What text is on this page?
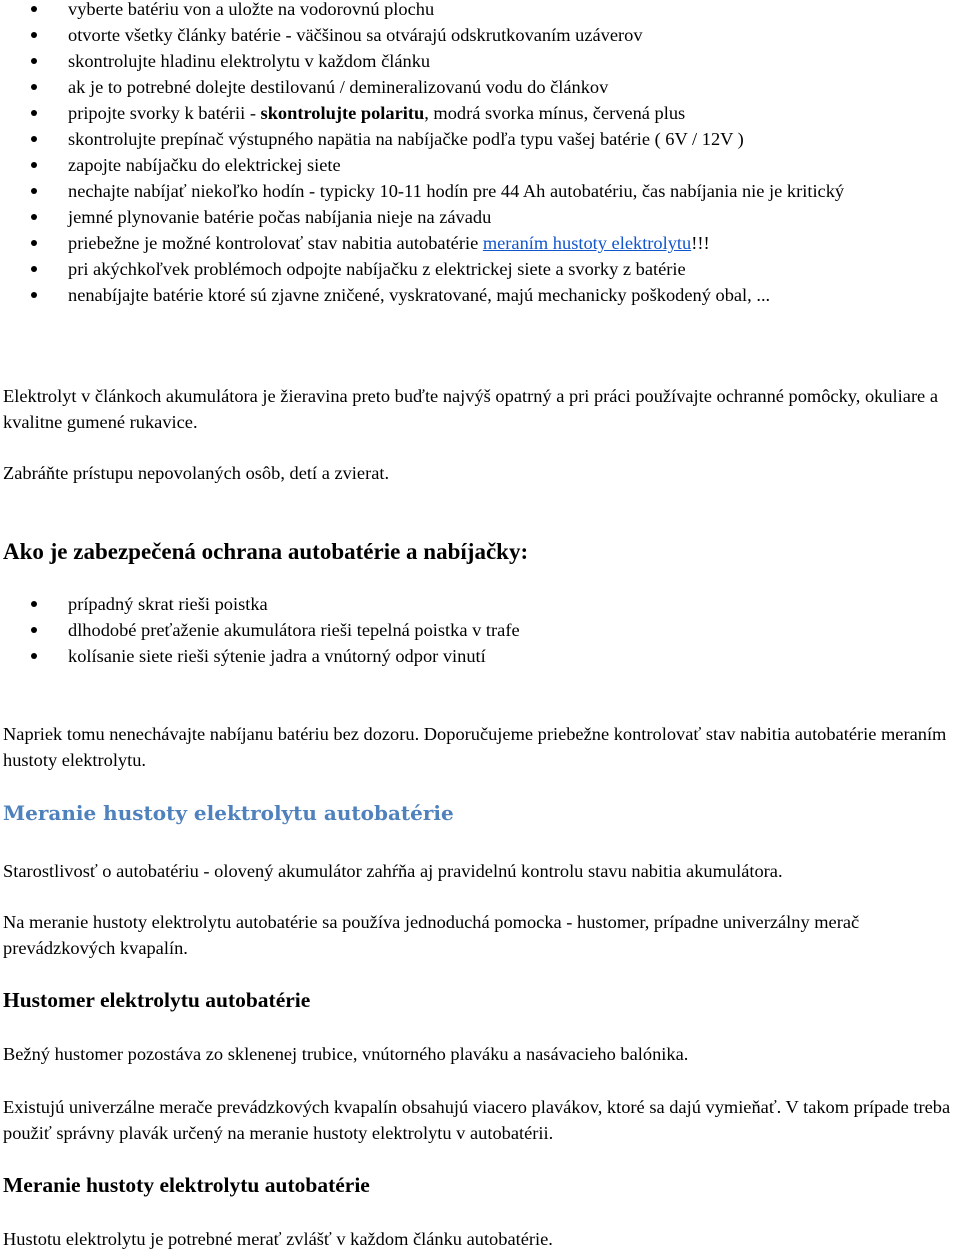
vyberte batériu von a uložte na vodorovnú plochu
otvorte všetky články batérie - väčšinou sa otvárajú odskrutkovaním uzáverov
skontrolujte hladinu elektrolytu v každom článku
ak je to potrebné dolejte destilovanú / demineralizovanú vodu do článkov
pripojte svorky k batérii - skontrolujte polaritu, modrá svorka mínus, červená plus
skontrolujte prepínač výstupného napätia na nabíjačke podľa typu vašej batérie ( 6V / 12V )
zapojte nabíjačku do elektrickej siete
nechajte nabíjať niekoľko hodín - typicky 10-11 hodín pre 44 Ah autobatériu, čas nabíjania nie je kritický
jemné plynovanie batérie počas nabíjania nieje na závadu
priebežne je možné kontrolovať stav nabitia autobatérie meraním hustoty elektrolytu!!!
pri akýchkoľvek problémoch odpojte nabíjačku z elektrickej siete a svorky z batérie
nenabíjajte batérie ktoré sú zjavne zničené, vyskratované, majú mechanicky poškodený obal, ...

Elektrolyt v článkoch akumulátora je žieravina preto buďte najvýš opatrný a pri práci používajte ochranné pomôcky, okuliare a kvalitne gumené rukavice.

Zabráňte prístupu nepovolaných osôb, detí a zvierat.

Ako je zabezpečená ochrana autobatérie a nabíjačky:
prípadný skrat rieši poistka
dlhodobé preťaženie akumulátora rieši tepelná poistka v trafe
kolísanie siete rieši sýtenie jadra a vnútorný odpor vinutí

Napriek tomu nenechávajte nabíjanu batériu bez dozoru. Doporučujeme priebežne kontrolovať stav nabitia autobatérie meraním hustoty elektrolytu.

Meranie hustoty elektrolytu autobatérie

Starostlivosť o autobatériu - olovený akumulátor zahŕňa aj pravidelnú kontrolu stavu nabitia akumulátora.

Na meranie hustoty elektrolytu autobatérie sa používa jednoduchá pomocka - hustomer, prípadne univerzálny merač prevádzkových kvapalín.

Hustomer elektrolytu autobatérie

Bežný hustomer pozostáva zo sklenenej trubice, vnútorného plaváku a nasávacieho balónika.

Existujú univerzálne merače prevádzkových kvapalín obsahujú viacero plavákov, ktoré sa dajú vymieňať. V takom prípade treba použiť správny plavák určený na meranie hustoty elektrolytu v autobatérii.

Meranie hustoty elektrolytu autobatérie

Hustotu elektrolytu je potrebné merať zvlášť v každom článku autobatérie.
